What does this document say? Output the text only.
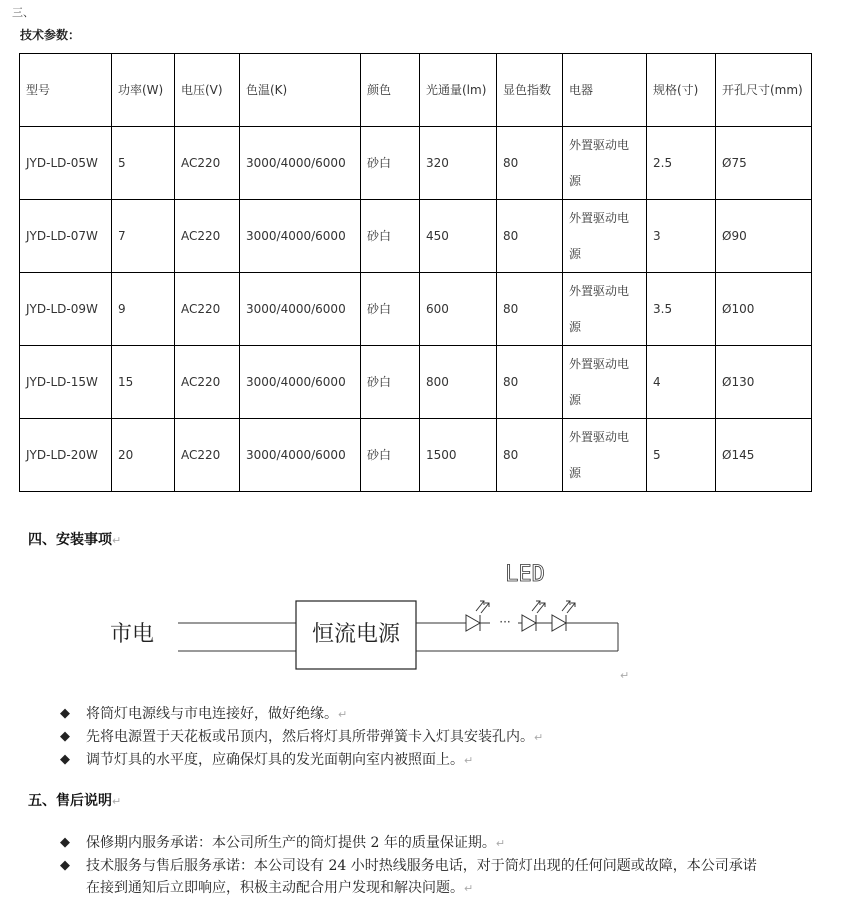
三、
技术参数：
型号	功率(W)	电压(V)	色温(K)	颜色	光通量(lm)	显色指数	电器	规格(寸)	开孔尺寸(mm)
JYD-LD-05W	5	AC220	3000/4000/6000	砂白	320	80	外置驱动电源	2.5	Ø75
JYD-LD-07W	7	AC220	3000/4000/6000	砂白	450	80	外置驱动电源	3	Ø90
JYD-LD-09W	9	AC220	3000/4000/6000	砂白	600	80	外置驱动电源	3.5	Ø100
JYD-LD-15W	15	AC220	3000/4000/6000	砂白	800	80	外置驱动电源	4	Ø130
JYD-LD-20W	20	AC220	3000/4000/6000	砂白	1500	80	外置驱动电源	5	Ø145
四、安装事项↵
市电	恒流电源
LED
···
↵
◆ 将筒灯电源线与市电连接好，做好绝缘。↵
◆ 先将电源置于天花板或吊顶内，然后将灯具所带弹簧卡入灯具安装孔内。↵
◆ 调节灯具的水平度，应确保灯具的发光面朝向室内被照面上。↵
五、售后说明↵
◆ 保修期内服务承诺：本公司所生产的筒灯提供 2 年的质量保证期。↵
◆ 技术服务与售后服务承诺：本公司设有 24 小时热线服务电话，对于筒灯出现的任何问题或故障，本公司承诺在接到通知后立即响应，积极主动配合用户发现和解决问题。↵
